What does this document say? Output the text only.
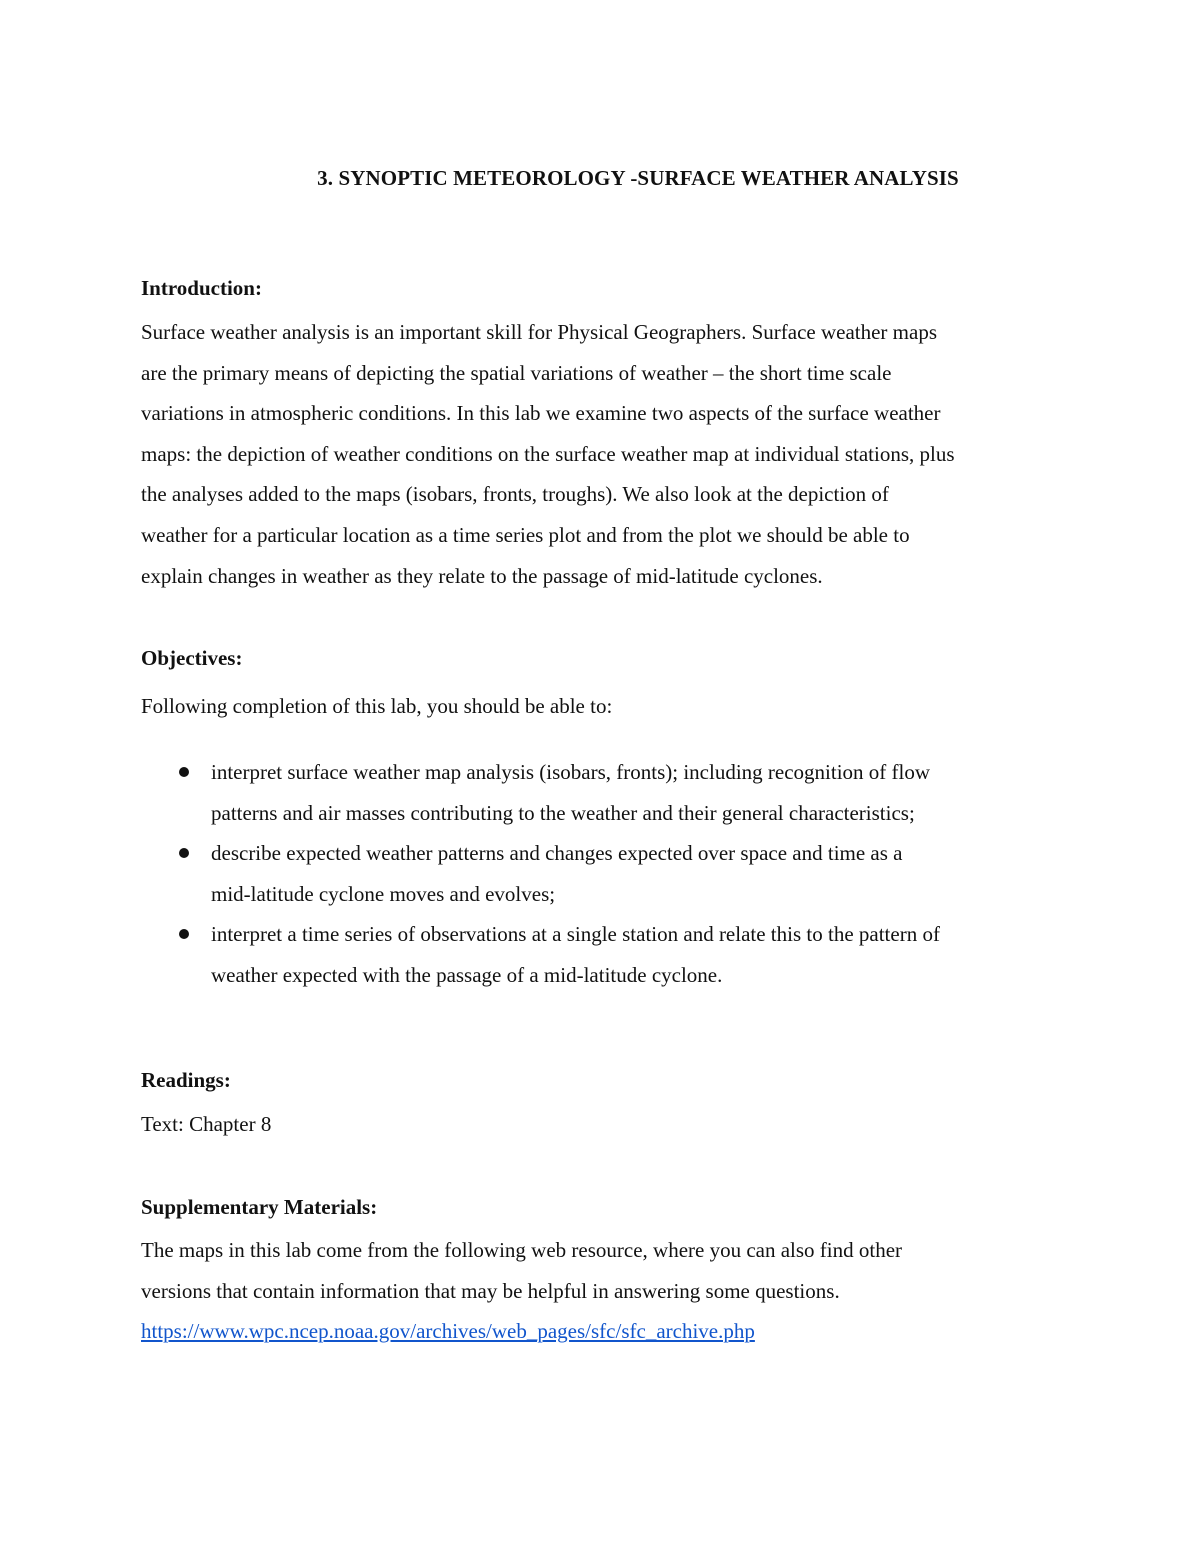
3. SYNOPTIC METEOROLOGY -SURFACE WEATHER ANALYSIS
Introduction:
Surface weather analysis is an important skill for Physical Geographers. Surface weather maps
are the primary means of depicting the spatial variations of weather – the short time scale
variations in atmospheric conditions. In this lab we examine two aspects of the surface weather
maps: the depiction of weather conditions on the surface weather map at individual stations, plus
the analyses added to the maps (isobars, fronts, troughs). We also look at the depiction of
weather for a particular location as a time series plot and from the plot we should be able to
explain changes in weather as they relate to the passage of mid-latitude cyclones.
Objectives:
Following completion of this lab, you should be able to:
interpret surface weather map analysis (isobars, fronts); including recognition of flow
patterns and air masses contributing to the weather and their general characteristics;
describe expected weather patterns and changes expected over space and time as a
mid-latitude cyclone moves and evolves;
interpret a time series of observations at a single station and relate this to the pattern of
weather expected with the passage of a mid-latitude cyclone.
Readings:
Text: Chapter 8
Supplementary Materials:
The maps in this lab come from the following web resource, where you can also find other
versions that contain information that may be helpful in answering some questions.
https://www.wpc.ncep.noaa.gov/archives/web_pages/sfc/sfc_archive.php
